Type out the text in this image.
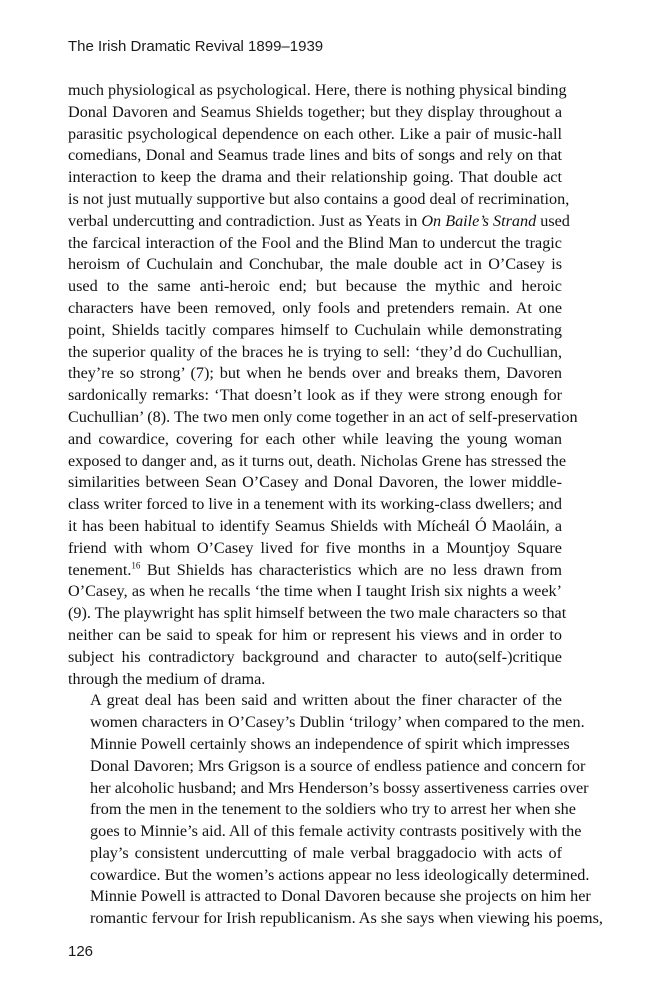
The Irish Dramatic Revival 1899–1939
much physiological as psychological. Here, there is nothing physical binding
Donal Davoren and Seamus Shields together; but they display throughout a
parasitic psychological dependence on each other. Like a pair of music-hall
comedians, Donal and Seamus trade lines and bits of songs and rely on that
interaction to keep the drama and their relationship going. That double act
is not just mutually supportive but also contains a good deal of recrimination,
verbal undercutting and contradiction. Just as Yeats in On Baile’s Strand used
the farcical interaction of the Fool and the Blind Man to undercut the tragic
heroism of Cuchulain and Conchubar, the male double act in O’Casey is
used to the same anti-heroic end; but because the mythic and heroic
characters have been removed, only fools and pretenders remain. At one
point, Shields tacitly compares himself to Cuchulain while demonstrating
the superior quality of the braces he is trying to sell: ‘they’d do Cuchullian,
they’re so strong’ (7); but when he bends over and breaks them, Davoren
sardonically remarks: ‘That doesn’t look as if they were strong enough for
Cuchullian’ (8). The two men only come together in an act of self-preservation
and cowardice, covering for each other while leaving the young woman
exposed to danger and, as it turns out, death. Nicholas Grene has stressed the
similarities between Sean O’Casey and Donal Davoren, the lower middle-
class writer forced to live in a tenement with its working-class dwellers; and
it has been habitual to identify Seamus Shields with Mícheál Ó Maoláin, a
friend with whom O’Casey lived for five months in a Mountjoy Square
tenement.$^{16}$ But Shields has characteristics which are no less drawn from
O’Casey, as when he recalls ‘the time when I taught Irish six nights a week’
(9). The playwright has split himself between the two male characters so that
neither can be said to speak for him or represent his views and in order to
subject his contradictory background and character to auto(self-)critique
through the medium of drama.
A great deal has been said and written about the finer character of the
women characters in O’Casey’s Dublin ‘trilogy’ when compared to the men.
Minnie Powell certainly shows an independence of spirit which impresses
Donal Davoren; Mrs Grigson is a source of endless patience and concern for
her alcoholic husband; and Mrs Henderson’s bossy assertiveness carries over
from the men in the tenement to the soldiers who try to arrest her when she
goes to Minnie’s aid. All of this female activity contrasts positively with the
play’s consistent undercutting of male verbal braggadocio with acts of
cowardice. But the women’s actions appear no less ideologically determined.
Minnie Powell is attracted to Donal Davoren because she projects on him her
romantic fervour for Irish republicanism. As she says when viewing his poems,
126
